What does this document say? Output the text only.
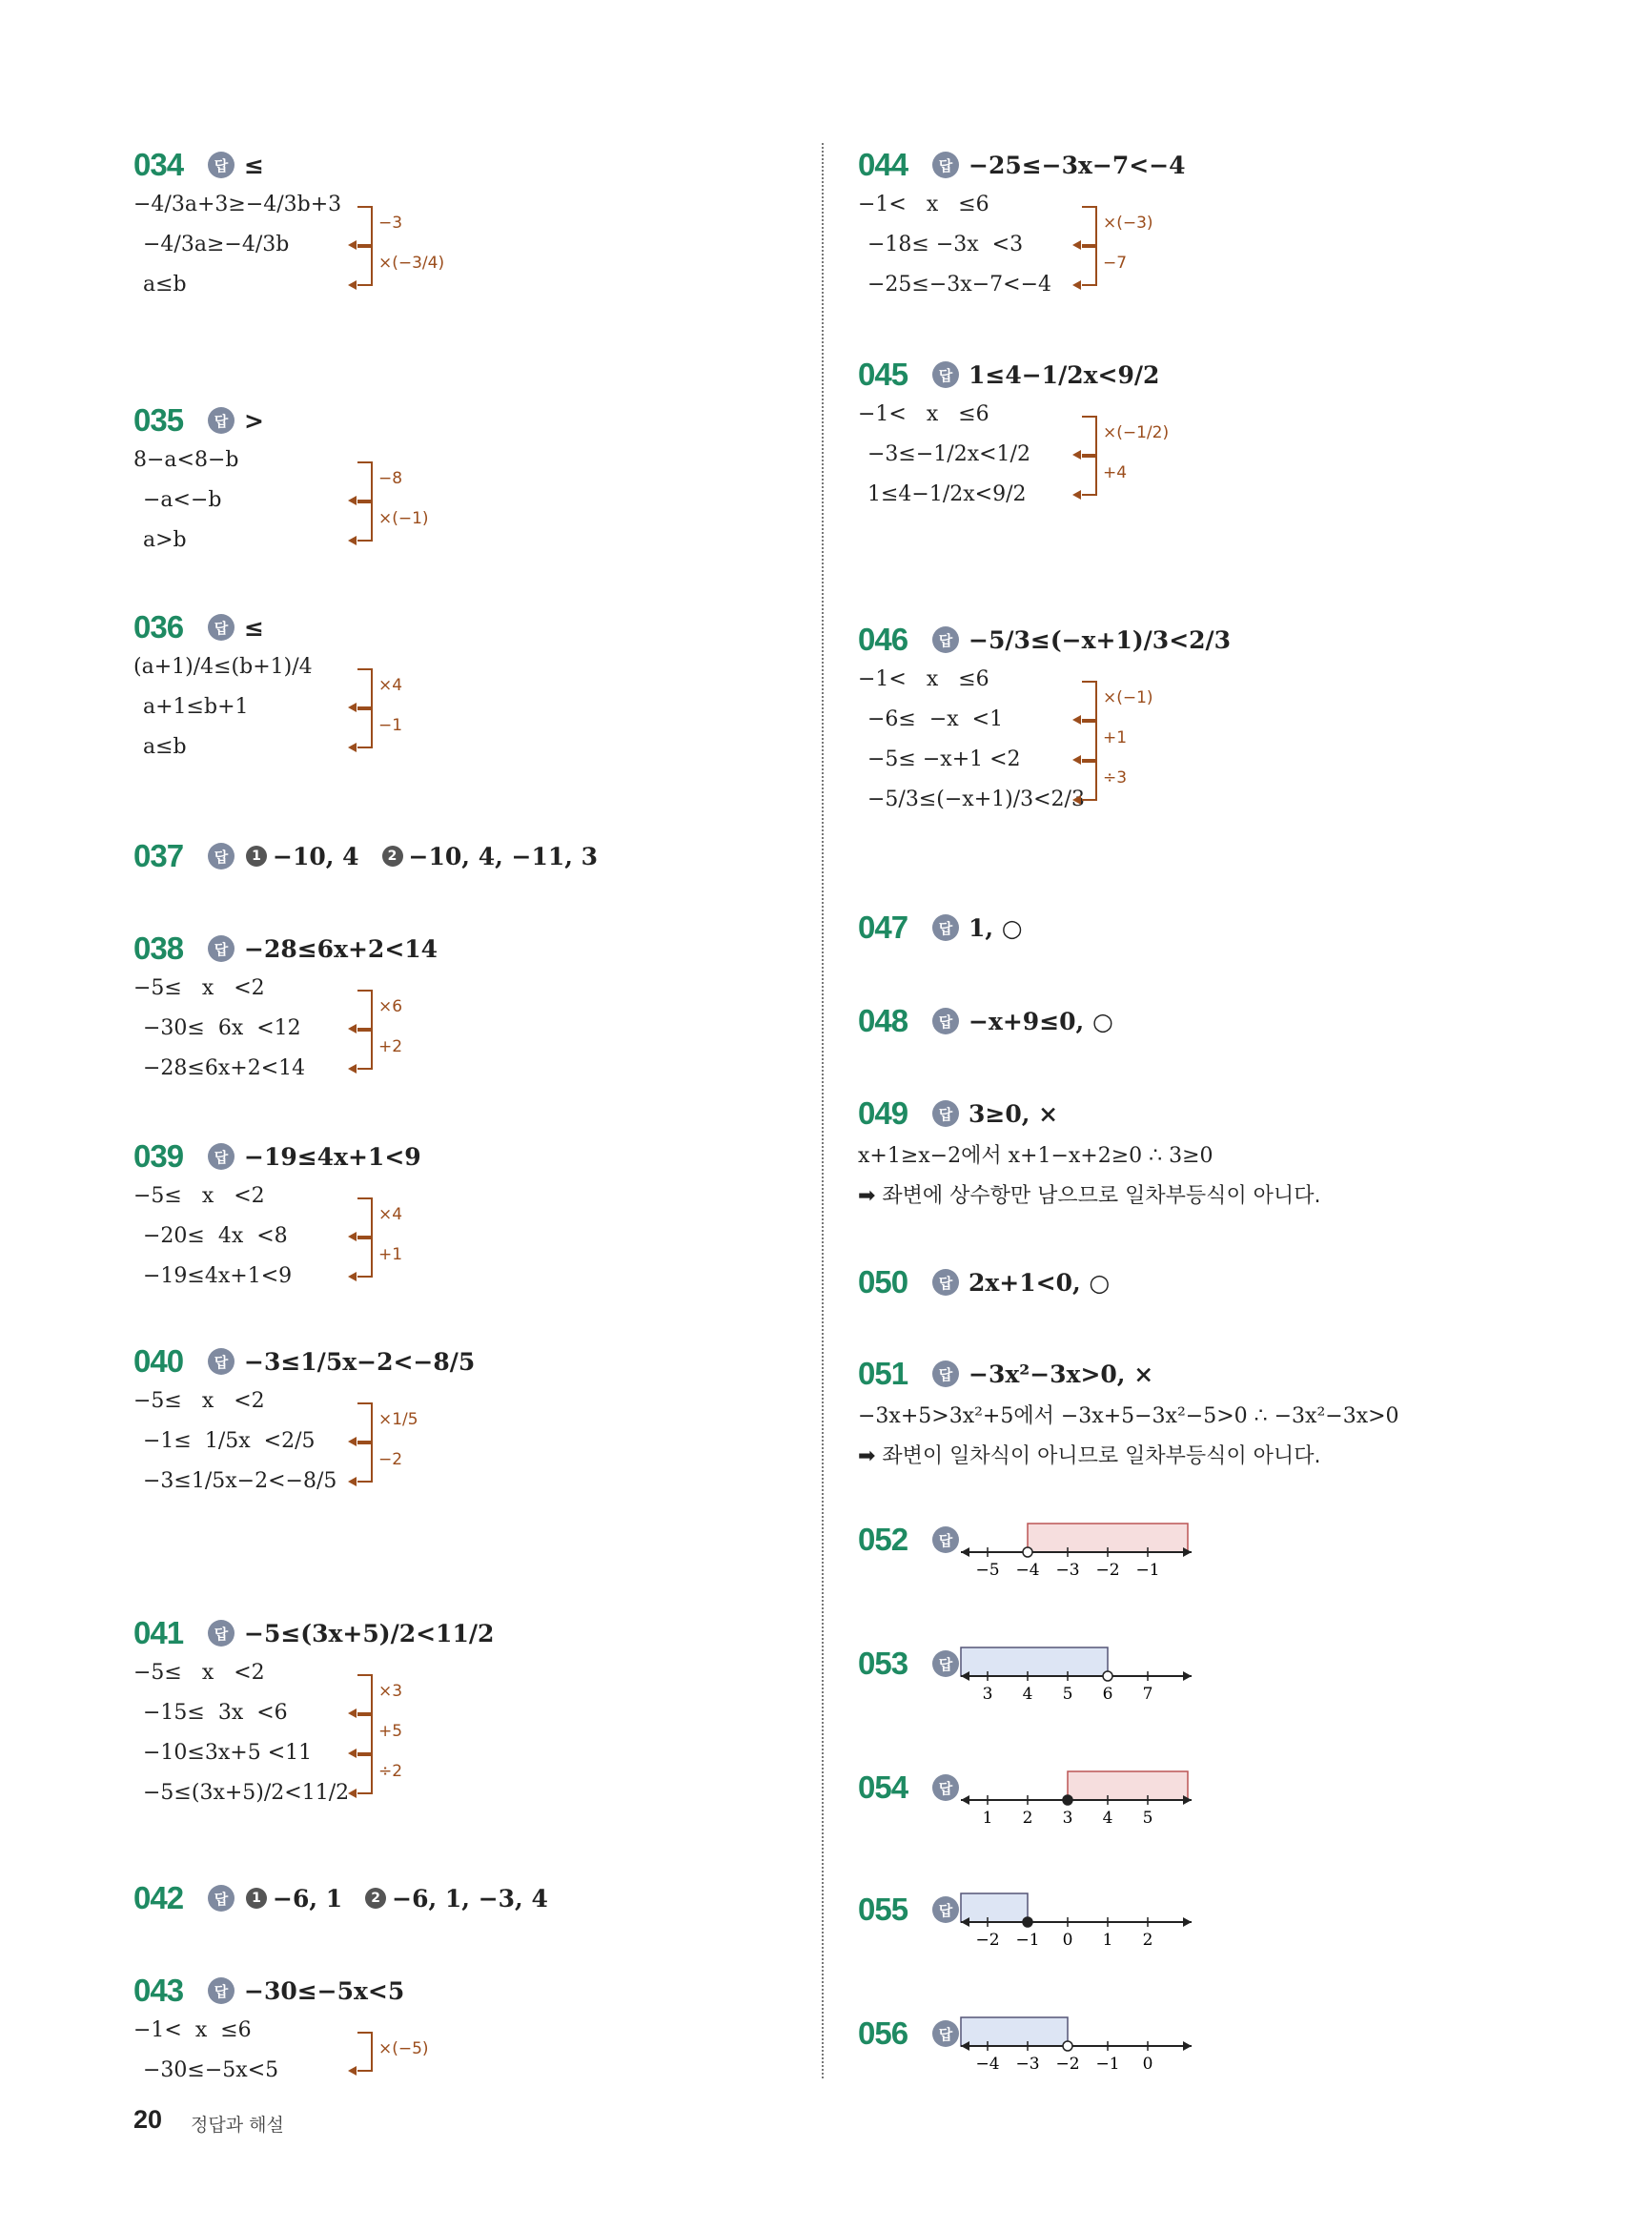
034	답 ≤
−4/3a+3≥−4/3b+3
−4/3a≥−4/3b
a≤b
−3
×(−3/4)
035	답 >
8−a<8−b
−a<−b
a>b
−8
×(−1)
036	답 ≤
(a+1)/4≤(b+1)/4
a+1≤b+1
a≤b
×4
−1
037	답	1 −10, 4	2 −10, 4, −11, 3
038	답 −28≤6x+2<14
−5≤   x   <2
−30≤  6x  <12
−28≤6x+2<14
×6
+2
039	답 −19≤4x+1<9
−5≤   x   <2
−20≤  4x  <8
−19≤4x+1<9
×4
+1
040	답 −3≤1/5x−2<−8/5
−5≤   x   <2
−1≤  1/5x  <2/5
−3≤1/5x−2<−8/5
×1/5
−2
041	답 −5≤(3x+5)/2<11/2
−5≤   x   <2
−15≤  3x  <6
−10≤3x+5 <11
−5≤(3x+5)/2<11/2
×3
+5
÷2
042	답	1 −6, 1	2 −6, 1, −3, 4
043	답 −30≤−5x<5
−1<  x  ≤6
−30≤−5x<5
×(−5)
044	답 −25≤−3x−7<−4
−1<   x   ≤6
−18≤ −3x  <3
−25≤−3x−7<−4
×(−3)
−7
045	답 1≤4−1/2x<9/2
−1<   x   ≤6
−3≤−1/2x<1/2
1≤4−1/2x<9/2
×(−1/2)
+4
046	답 −5/3≤(−x+1)/3<2/3
−1<   x   ≤6
−6≤  −x  <1
−5≤ −x+1 <2
−5/3≤(−x+1)/3<2/3
×(−1)
+1
÷3
047	답 1, ○
048	답 −x+9≤0, ○
049	답 3≥0, ×
x+1≥x−2에서 x+1−x+2≥0 ∴ 3≥0
➡ 좌변에 상수항만 남으므로 일차부등식이 아니다.
050	답 2x+1<0, ○
051	답 −3x²−3x>0, ×
−3x+5>3x²+5에서 −3x+5−3x²−5>0 ∴ −3x²−3x>0
➡ 좌변이 일차식이 아니므로 일차부등식이 아니다.
052	답
−5 −4 −3 −2 −1
053	답
3 4 5 6 7
054	답
1 2 3 4 5
055	답
−2 −1 0 1 2
056	답
−4 −3 −2 −1 0
20 정답과 해설
